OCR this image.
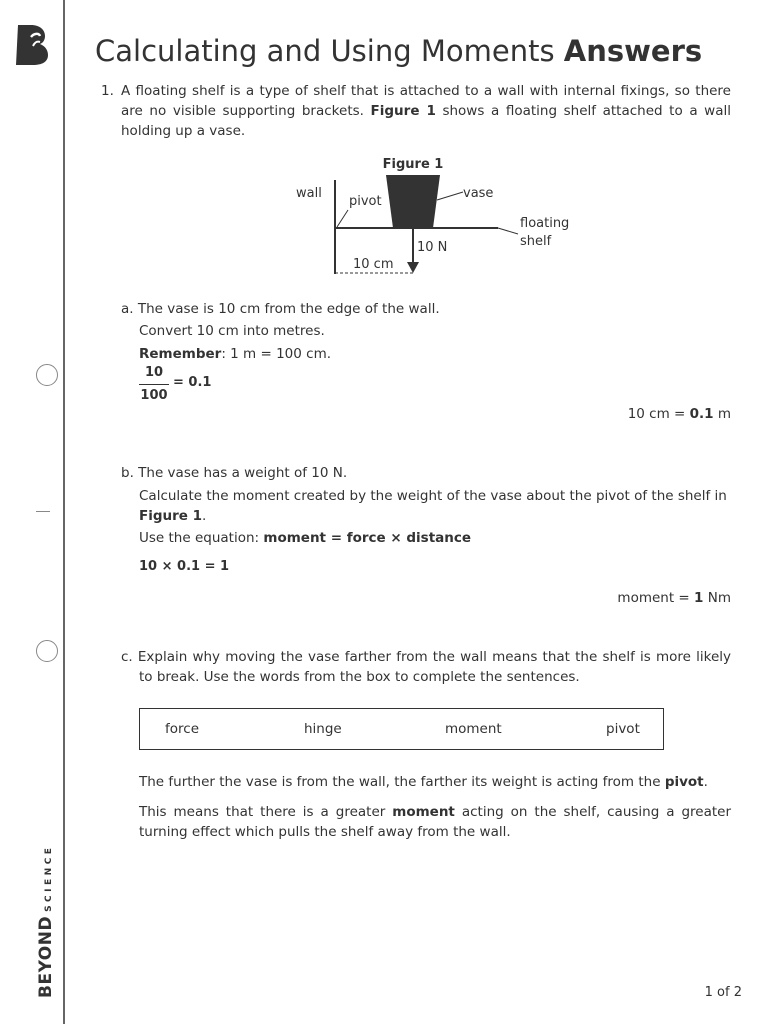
BEYONDSCIENCE
Calculating and Using Moments Answers
1. A floating shelf is a type of shelf that is attached to a wall with internal fixings, so there are no visible supporting brackets. Figure 1 shows a floating shelf attached to a wall holding up a vase.
Figure 1
wall
pivot
vase
floating
shelf
10 N
10 cm
a. The vase is 10 cm from the edge of the wall.
Convert 10 cm into metres.
Remember: 1 m = 100 cm.
$\frac{10}{100} = 0.1$
10 cm = 0.1 m
b. The vase has a weight of 10 N.
Calculate the moment created by the weight of the vase about the pivot of the shelf in Figure 1.
Use the equation: moment = force × distance
10 × 0.1 = 1
moment = 1 Nm
c. Explain why moving the vase farther from the wall means that the shelf is more likely to break. Use the words from the box to complete the sentences.
force	hinge	moment	pivot
The further the vase is from the wall, the farther its weight is acting from the pivot.
This means that there is a greater moment acting on the shelf, causing a greater turning effect which pulls the shelf away from the wall.
1 of 2
